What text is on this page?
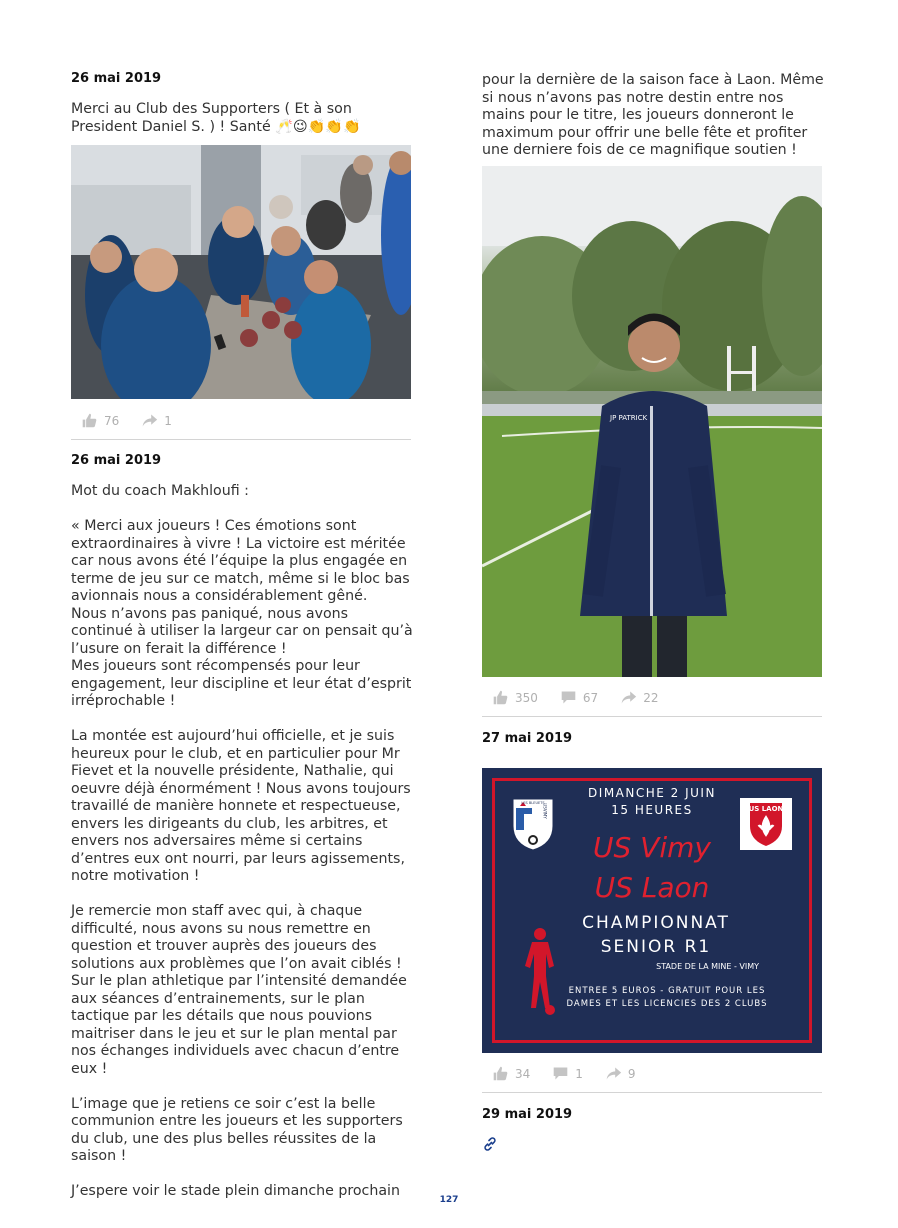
26 mai 2019
Merci au Club des Supporters ( Et à son President Daniel S. ) ! Santé 🥂😉👏👏👏
76	1
26 mai 2019
Mot du coach Makhloufi :

« Merci aux joueurs ! Ces émotions sont extraordinaires à vivre ! La victoire est méritée car nous avons été l’équipe la plus engagée en terme de jeu sur ce match, même si le bloc bas avionnais nous a considérablement gêné.
Nous n’avons pas paniqué, nous avons continué à utiliser la largeur car on pensait qu’à l’usure on ferait la différence !
Mes joueurs sont récompensés pour leur engagement, leur discipline et leur état d’esprit irréprochable !

La montée est aujourd’hui officielle, et je suis heureux pour le club, et en particulier pour Mr Fievet et la nouvelle présidente, Nathalie, qui oeuvre déjà énormément ! Nous avons toujours travaillé de manière honnete et respectueuse, envers les dirigeants du club, les arbitres, et envers nos adversaires même si certains d’entres eux ont nourri, par leurs agissements, notre motivation !

Je remercie mon staff avec qui, à chaque difficulté, nous avons su nous remettre en question et trouver auprès des joueurs des solutions aux problèmes que l’on avait ciblés ! Sur le plan athletique par l’intensité demandée aux séances d’entrainements, sur le plan tactique par les détails que nous pouvions maitriser dans le jeu et sur le plan mental par nos échanges individuels avec chacun d’entre eux !

L’image que je retiens ce soir c’est la belle communion entre les joueurs et les supporters du club, une des plus belles réussites de la saison !

J’espere voir le stade plein dimanche prochain
pour la dernière de la saison face à Laon. Même si nous n’avons pas notre destin entre nos mains pour le titre, les joueurs donneront le maximum pour offrir une belle fête et profiter une derniere fois de ce magnifique soutien !
JP PATRICK
350	67	22
27 mai 2019
DIMANCHE 2 JUIN
15 HEURES
LES BLEUETS
USVIMY	US LAON
US Vimy
US Laon
CHAMPIONNAT
SENIOR R1
STADE DE LA MINE - VIMY
ENTREE 5 EUROS - GRATUIT POUR LES
DAMES ET LES LICENCIES DES 2 CLUBS
34	1	9
29 mai 2019
127
